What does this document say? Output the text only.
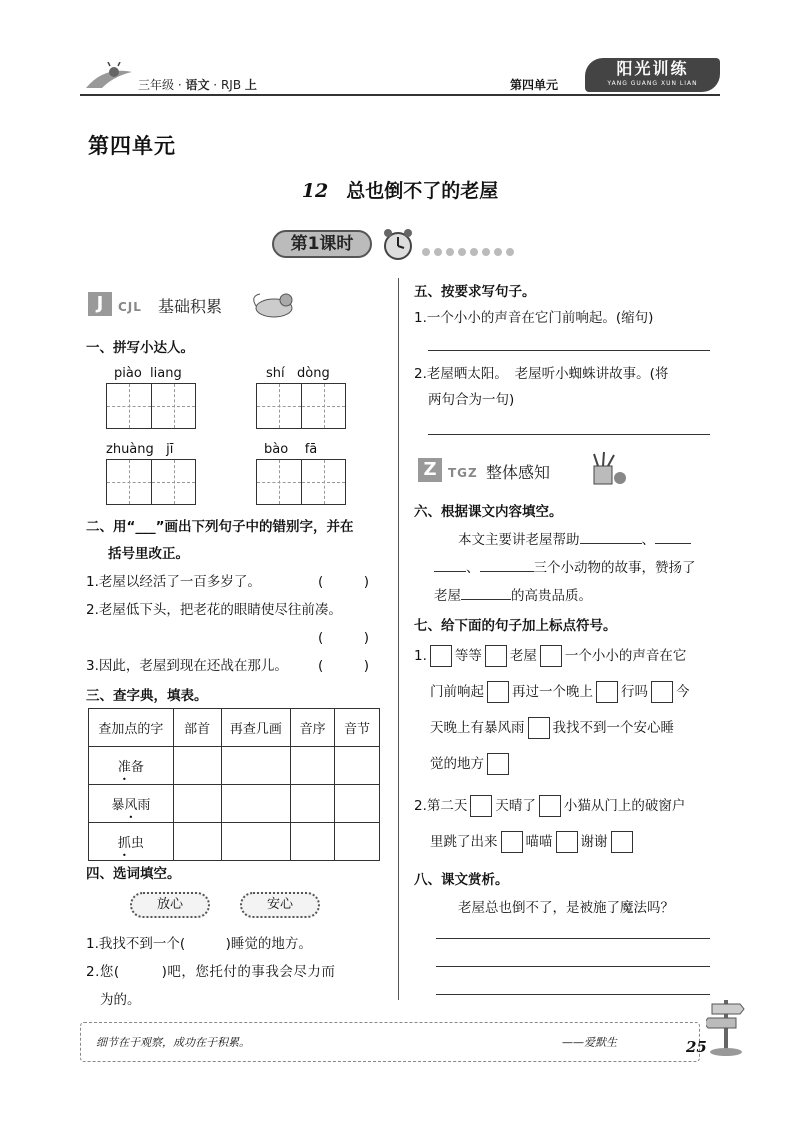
三年级 · 语文 · RJB 上	第四单元
阳光训练
YANG GUANG XUN LIAN
第四单元
12 总也倒不了的老屋
第1课时
J	CJL 基础积累
一、拼写小达人。
piào  liang	shí   dòng
zhuàng   jī	bào    fā
二、用“___”画出下列句子中的错别字，并在
括号里改正。
1.老屋以经活了一百多岁了。	(　　　)
2.老屋低下头，把老花的眼睛使尽往前凑。
(　　　)
3.因此，老屋到现在还战在那儿。 (　　　)
三、查字典，填表。
查加点的字	部首	再查几画	音序	音节
准备				
暴风雨				
抓虫				
四、选词填空。
放心	安心
1.我找不到一个(　　　)睡觉的地方。
2.您(　　　)吧，您托付的事我会尽力而
为的。
五、按要求写句子。
1.一个小小的声音在它门前响起。(缩句)
2.老屋晒太阳。　老屋听小蜘蛛讲故事。(将
两句合为一句)
Z TGZ 整体感知
六、根据课文内容填空。
本文主要讲老屋帮助	、
、	三个小动物的故事，赞扬了
老屋	的高贵品质。
七、给下面的句子加上标点符号。
1. 等等 老屋 一个小小的声音在它
门前响起 再过一个晚上 行吗 今
天晚上有暴风雨 我找不到一个安心睡
觉的地方
2.第二天 天晴了 小猫从门上的破窗户
里跳了出来 喵喵 谢谢
八、课文赏析。
老屋总也倒不了，是被施了魔法吗？
细节在于观察，成功在于积累。	——爱默生	25
